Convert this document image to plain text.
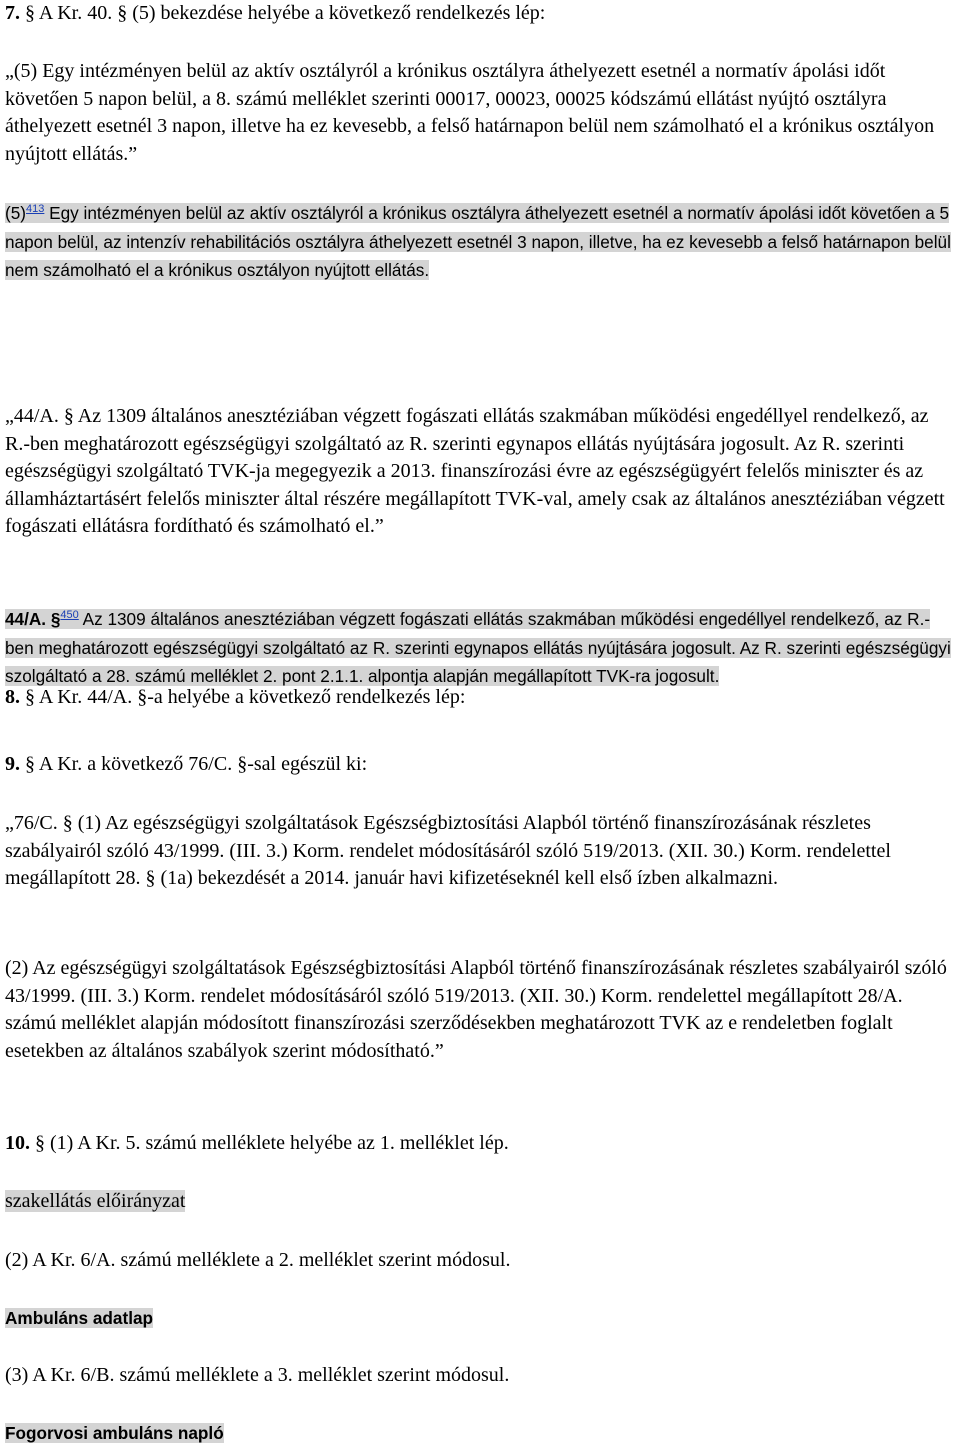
7. § A Kr. 40. § (5) bekezdése helyébe a következő rendelkezés lép:

„(5) Egy intézményen belül az aktív osztályról a krónikus osztályra áthelyezett esetnél a normatív ápolási időt követően 5 napon belül, a 8. számú melléklet szerinti 00017, 00023, 00025 kódszámú ellátást nyújtó osztályra áthelyezett esetnél 3 napon, illetve ha ez kevesebb, a felső határnapon belül nem számolható el a krónikus osztályon nyújtott ellátás.”

(5)$^{413}$ Egy intézményen belül az aktív osztályról a krónikus osztályra áthelyezett esetnél a normatív ápolási időt követően a 5 napon belül, az intenzív rehabilitációs osztályra áthelyezett esetnél 3 napon, illetve, ha ez kevesebb a felső határnapon belül nem számolható el a krónikus osztályon nyújtott ellátás.

8. § A Kr. 44/A. §-a helyébe a következő rendelkezés lép:

„44/A. § Az 1309 általános anesztéziában végzett fogászati ellátás szakmában működési engedéllyel rendelkező, az R.-ben meghatározott egészségügyi szolgáltató az R. szerinti egynapos ellátás nyújtására jogosult. Az R. szerinti egészségügyi szolgáltató TVK-ja megegyezik a 2013. finanszírozási évre az egészségügyért felelős miniszter és az államháztartásért felelős miniszter által részére megállapított TVK-val, amely csak az általános anesztéziában végzett fogászati ellátásra fordítható és számolható el.”

44/A. §$^{450}$ Az 1309 általános anesztéziában végzett fogászati ellátás szakmában működési engedéllyel rendelkező, az R.-ben meghatározott egészségügyi szolgáltató az R. szerinti egynapos ellátás nyújtására jogosult. Az R. szerinti egészségügyi szolgáltató a 28. számú melléklet 2. pont 2.1.1. alpontja alapján megállapított TVK-ra jogosult.

9. § A Kr. a következő 76/C. §-sal egészül ki:

„76/C. § (1) Az egészségügyi szolgáltatások Egészségbiztosítási Alapból történő finanszírozásának részletes szabályairól szóló 43/1999. (III. 3.) Korm. rendelet módosításáról szóló 519/2013. (XII. 30.) Korm. rendelettel megállapított 28. § (1a) bekezdését a 2014. január havi kifizetéseknél kell első ízben alkalmazni.

(2) Az egészségügyi szolgáltatások Egészségbiztosítási Alapból történő finanszírozásának részletes szabályairól szóló 43/1999. (III. 3.) Korm. rendelet módosításáról szóló 519/2013. (XII. 30.) Korm. rendelettel megállapított 28/A. számú melléklet alapján módosított finanszírozási szerződésekben meghatározott TVK az e rendeletben foglalt esetekben az általános szabályok szerint módosítható.”

10. § (1) A Kr. 5. számú melléklete helyébe az 1. melléklet lép.

szakellátás előirányzat

(2) A Kr. 6/A. számú melléklete a 2. melléklet szerint módosul.

Ambuláns adatlap

(3) A Kr. 6/B. számú melléklete a 3. melléklet szerint módosul.

Fogorvosi ambuláns napló
